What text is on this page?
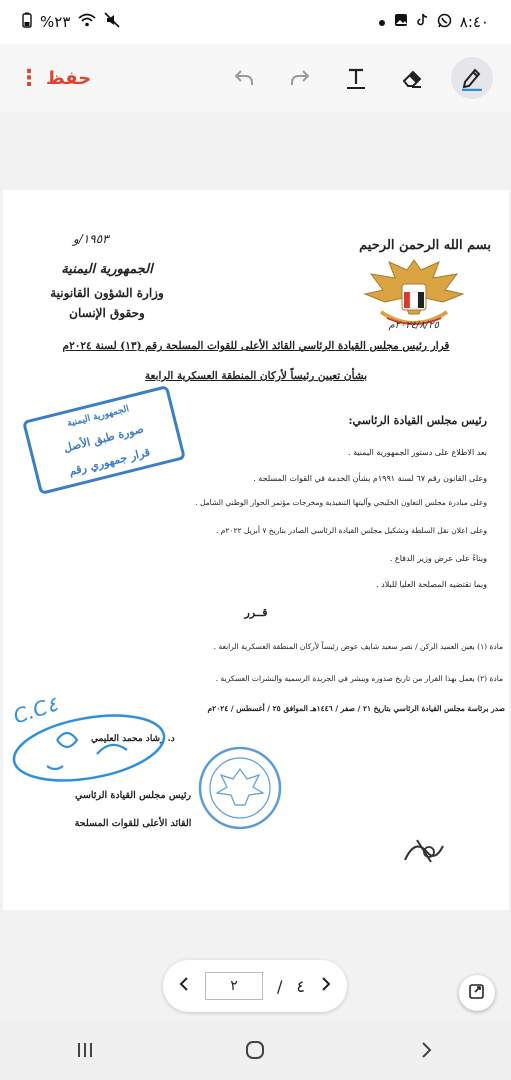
%٢٣	٨:٤٠
⋮ حفظ
بسم الله الرحمن الرحيم
٢٠٢٤/٨/٢٥م
١٩٥٣/و
الجمهورية اليمنية
وزارة الشؤون القانونية
وحقوق الإنسان
قرار رئيس مجلس القيادة الرئاسي القائد الأعلى للقوات المسلحة رقم (١٣) لسنة ٢٠٢٤م
بشأن تعيين رئيساً لأركان المنطقة العسكرية الرابعة
رئيس مجلس القيادة الرئاسي:
بعد الاطلاع على دستور الجمهورية اليمنية .
وعلى القانون رقم ٦٧ لسنة ١٩٩١م بشأن الخدمة في القوات المسلحة .
وعلى مبادرة مجلس التعاون الخليجي وآليتها التنفيذية ومخرجات مؤتمر الحوار الوطني الشامل .
وعلى اعلان نقل السلطة وتشكيل مجلس القيادة الرئاسي الصادر بتاريخ ٧ أبريل ٢٠٢٢م .
وبناءً على عرض وزير الدفاع .
وبما تقتضيه المصلحة العليا للبلاد .
قــرر
مادة (١) يعين العميد الركن / نصر سعيد شايف عوض رئيساً لأركان المنطقة العسكرية الرابعة .
مادة (٢) يعمل بهذا القرار من تاريخ صدوره وينشر في الجريدة الرسمية والنشرات العسكرية .
صدر برئاسة مجلس القيادة الرئاسي بتاريخ ٢١ / صفر / ١٤٤٦هـ الموافق ٢٥ / أغسطس / ٢٠٢٤م
د. رشاد محمد العليمي
رئيس مجلس القيادة الرئاسي
القائد الأعلى للقوات المسلحة
الجمهورية اليمنية
صورة طبق الأصل
قرار جمهوري رقم
C.C٤
٢	/ ٤
